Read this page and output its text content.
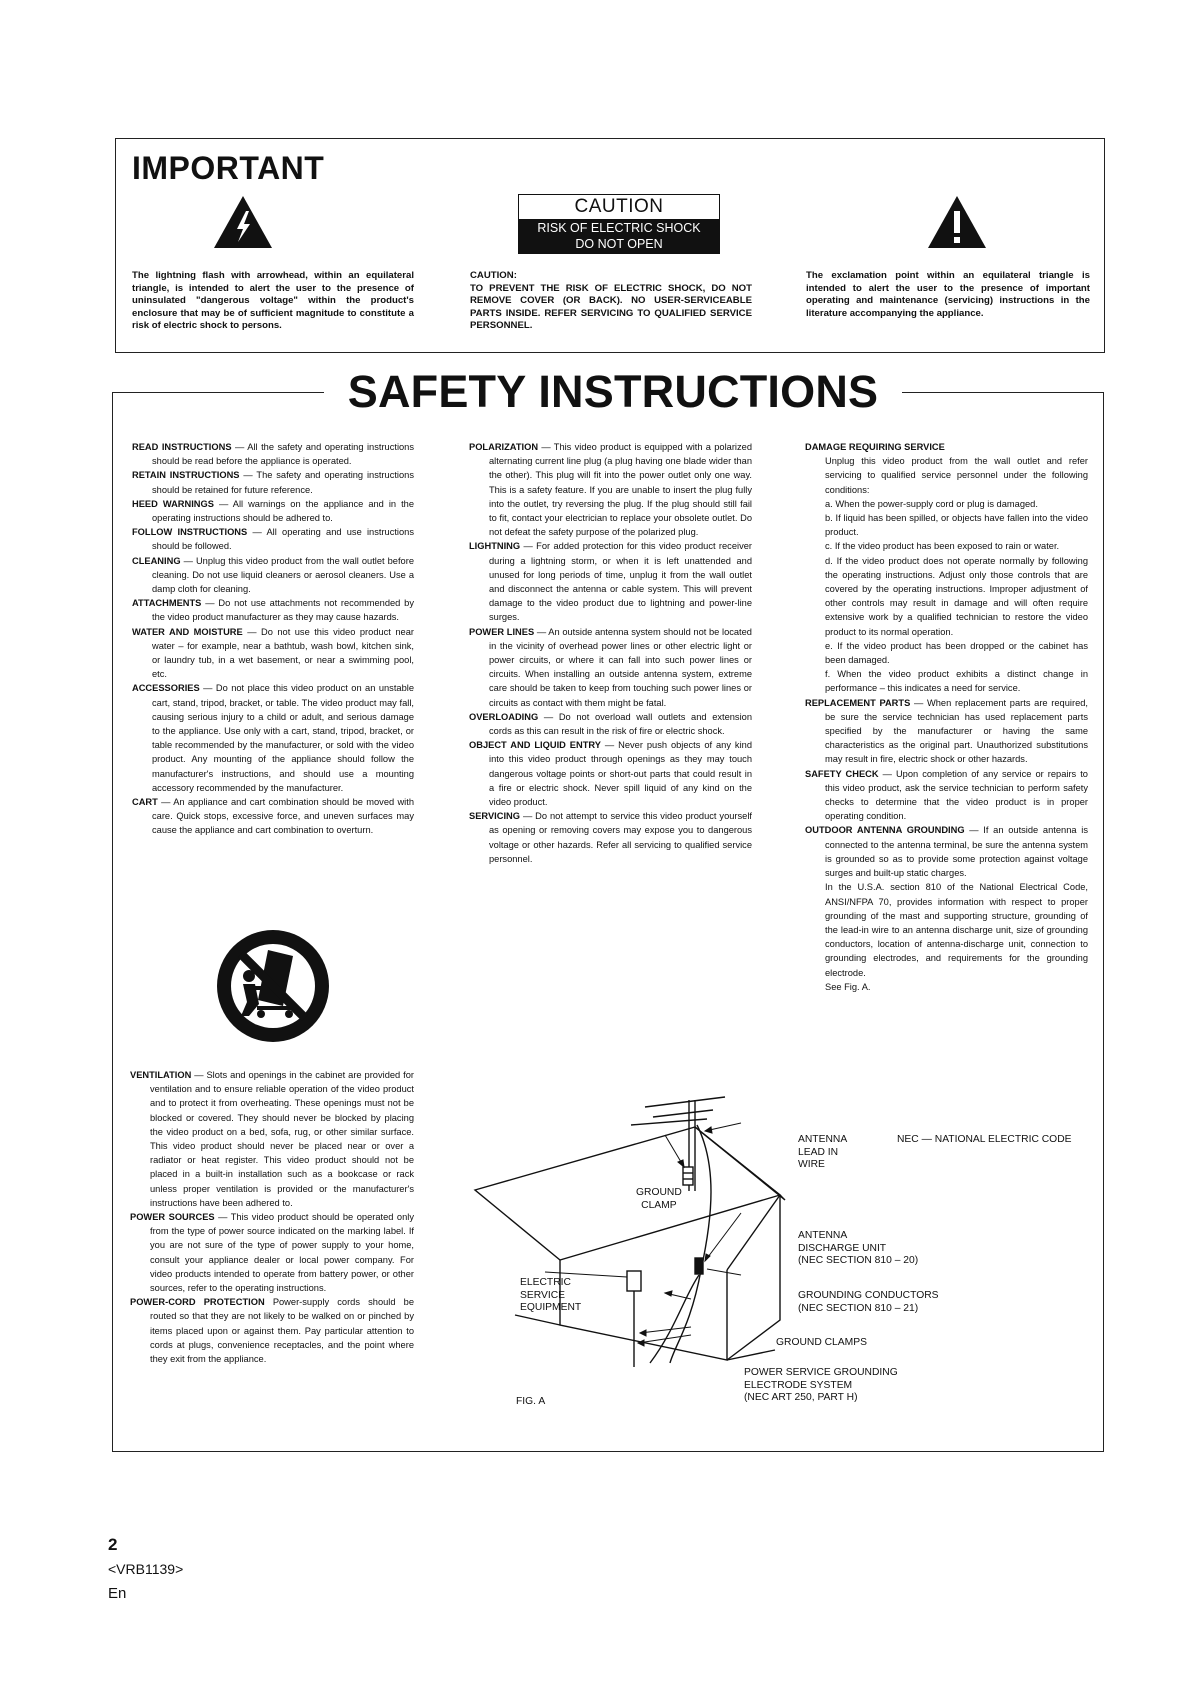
IMPORTANT
CAUTION
RISK OF ELECTRIC SHOCK
DO NOT OPEN
The lightning flash with arrowhead, within an equilateral triangle, is intended to alert the user to the presence of uninsulated "dangerous voltage" within the product's enclosure that may be of sufficient magnitude to constitute a risk of electric shock to persons.
CAUTION:
TO PREVENT THE RISK OF ELECTRIC SHOCK, DO NOT REMOVE COVER (OR BACK). NO USER-SERVICEABLE PARTS INSIDE. REFER SERVICING TO QUALIFIED SERVICE PERSONNEL.
The exclamation point within an equilateral triangle is intended to alert the user to the presence of important operating and maintenance (servicing) instructions in the literature accompanying the appliance.
SAFETY INSTRUCTIONS

READ INSTRUCTIONS — All the safety and operating instructions should be read before the appliance is operated.

RETAIN INSTRUCTIONS — The safety and operating instructions should be retained for future reference.

HEED WARNINGS — All warnings on the appliance and in the operating instructions should be adhered to.

FOLLOW INSTRUCTIONS — All operating and use instructions should be followed.

CLEANING — Unplug this video product from the wall outlet before cleaning. Do not use liquid cleaners or aerosol cleaners. Use a damp cloth for cleaning.

ATTACHMENTS — Do not use attachments not recommended by the video product manufacturer as they may cause hazards.

WATER AND MOISTURE — Do not use this video product near water – for example, near a bathtub, wash bowl, kitchen sink, or laundry tub, in a wet basement, or near a swimming pool, etc.

ACCESSORIES — Do not place this video product on an unstable cart, stand, tripod, bracket, or table. The video product may fall, causing serious injury to a child or adult, and serious damage to the appliance. Use only with a cart, stand, tripod, bracket, or table recommended by the manufacturer, or sold with the video product. Any mounting of the appliance should follow the manufacturer's instructions, and should use a mounting accessory recommended by the manufacturer.

CART — An appliance and cart combination should be moved with care. Quick stops, excessive force, and uneven surfaces may cause the appliance and cart combination to overturn.

VENTILATION — Slots and openings in the cabinet are provided for ventilation and to ensure reliable operation of the video product and to protect it from overheating. These openings must not be blocked or covered. They should never be blocked by placing the video product on a bed, sofa, rug, or other similar surface. This video product should never be placed near or over a radiator or heat register. This video product should not be placed in a built-in installation such as a bookcase or rack unless proper ventilation is provided or the manufacturer's instructions have been adhered to.

POWER SOURCES — This video product should be operated only from the type of power source indicated on the marking label. If you are not sure of the type of power supply to your home, consult your appliance dealer or local power company. For video products intended to operate from battery power, or other sources, refer to the operating instructions.

POWER-CORD PROTECTION Power-supply cords should be routed so that they are not likely to be walked on or pinched by items placed upon or against them. Pay particular attention to cords at plugs, convenience receptacles, and the point where they exit from the appliance.

POLARIZATION — This video product is equipped with a polarized alternating current line plug (a plug having one blade wider than the other). This plug will fit into the power outlet only one way. This is a safety feature. If you are unable to insert the plug fully into the outlet, try reversing the plug. If the plug should still fail to fit, contact your electrician to replace your obsolete outlet. Do not defeat the safety purpose of the polarized plug.

LIGHTNING — For added protection for this video product receiver during a lightning storm, or when it is left unattended and unused for long periods of time, unplug it from the wall outlet and disconnect the antenna or cable system. This will prevent damage to the video product due to lightning and power-line surges.

POWER LINES — An outside antenna system should not be located in the vicinity of overhead power lines or other electric light or power circuits, or where it can fall into such power lines or circuits. When installing an outside antenna system, extreme care should be taken to keep from touching such power lines or circuits as contact with them might be fatal.

OVERLOADING — Do not overload wall outlets and extension cords as this can result in the risk of fire or electric shock.

OBJECT AND LIQUID ENTRY — Never push objects of any kind into this video product through openings as they may touch dangerous voltage points or short-out parts that could result in a fire or electric shock. Never spill liquid of any kind on the video product.

SERVICING — Do not attempt to service this video product yourself as opening or removing covers may expose you to dangerous voltage or other hazards. Refer all servicing to qualified service personnel.

DAMAGE REQUIRING SERVICE

Unplug this video product from the wall outlet and refer servicing to qualified service personnel under the following conditions:
a. When the power-supply cord or plug is damaged.
b. If liquid has been spilled, or objects have fallen into the video product.
c. If the video product has been exposed to rain or water.
d. If the video product does not operate normally by following the operating instructions. Adjust only those controls that are covered by the operating instructions. Improper adjustment of other controls may result in damage and will often require extensive work by a qualified technician to restore the video product to its normal operation.
e. If the video product has been dropped or the cabinet has been damaged.
f. When the video product exhibits a distinct change in performance – this indicates a need for service.

REPLACEMENT PARTS — When replacement parts are required, be sure the service technician has used replacement parts specified by the manufacturer or having the same characteristics as the original part. Unauthorized substitutions may result in fire, electric shock or other hazards.

SAFETY CHECK — Upon completion of any service or repairs to this video product, ask the service technician to perform safety checks to determine that the video product is in proper operating condition.

OUTDOOR ANTENNA GROUNDING — If an outside antenna is connected to the antenna terminal, be sure the antenna system is grounded so as to provide some protection against voltage surges and built-up static charges.

In the U.S.A. section 810 of the National Electrical Code, ANSI/NFPA 70, provides information with respect to proper grounding of the mast and supporting structure, grounding of the lead-in wire to an antenna discharge unit, size of grounding conductors, location of antenna-discharge unit, connection to grounding electrodes, and requirements for the grounding electrode.
See Fig. A.
NEC — NATIONAL ELECTRIC CODE
ANTENNA
LEAD IN
WIRE
GROUND
CLAMP
ANTENNA
DISCHARGE UNIT
(NEC SECTION 810 – 20)
ELECTRIC
SERVICE
EQUIPMENT
GROUNDING CONDUCTORS
(NEC SECTION 810 – 21)
GROUND CLAMPS
POWER SERVICE GROUNDING
ELECTRODE SYSTEM
(NEC ART 250, PART H)
FIG. A
2
<VRB1139>
En
